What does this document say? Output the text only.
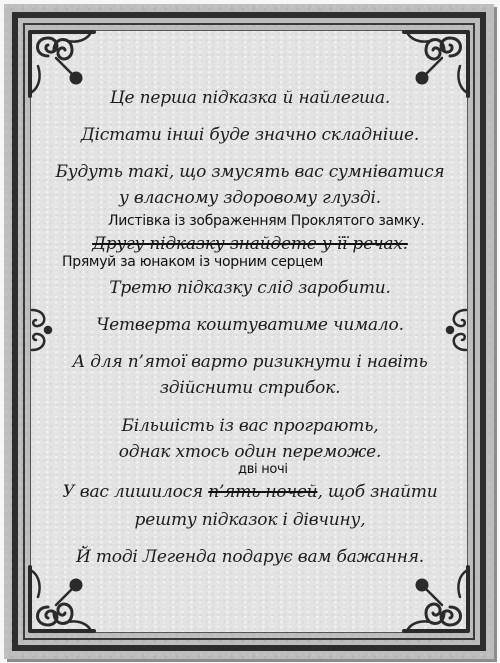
Це перша підказка й найлегша.
Дістати інші буде значно складніше.
Будуть такі, що змусять вас сумніватися
у власному здоровому глузді.
Листівка із зображенням Проклятого замку.
Другу підказку знайдете у її речах.
Прямуй за юнаком із чорним серцем
Третю підказку слід заробити.
Четверта коштуватиме чимало.
А для п’ятої варто ризикнути і навіть
здійснити стрибок.
Більшість із вас програють,
однак хтось один переможе.
дві ночі
У вас лишилося п’ять ночей, щоб знайти
решту підказок і дівчину,
Й тоді Легенда подарує вам бажання.
